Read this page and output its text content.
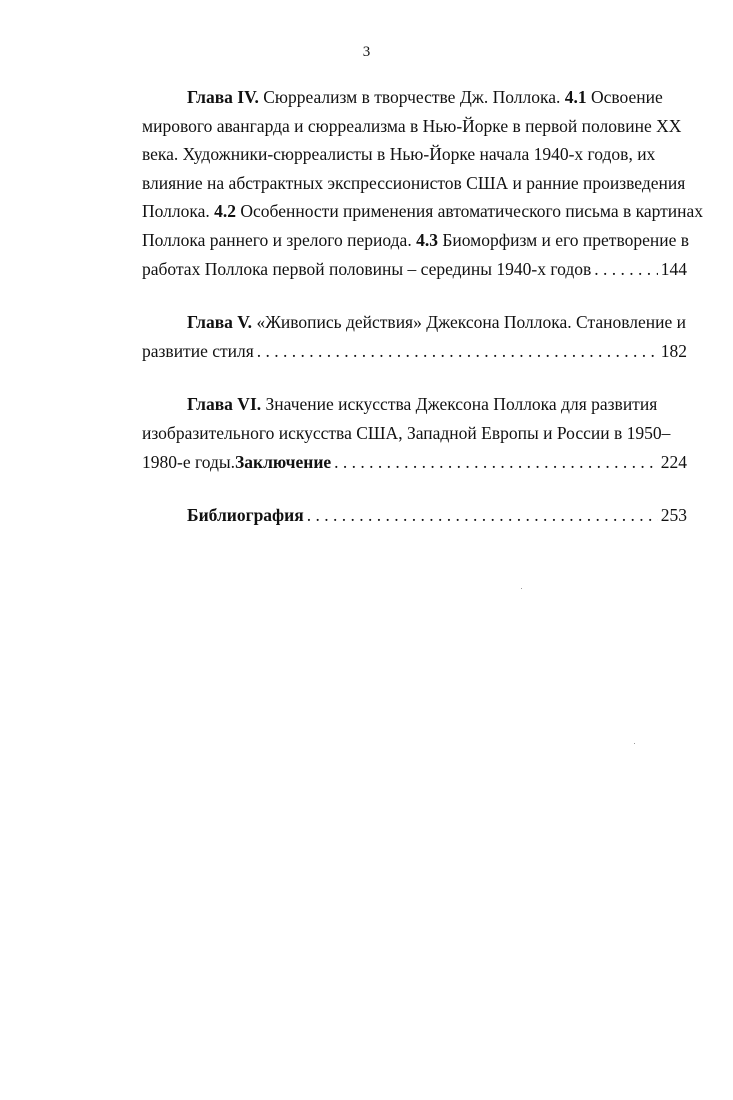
3

Глава IV. Сюрреализм в творчестве Дж. Поллока. 4.1 Освоение
мирового авангарда и сюрреализма в Нью-Йорке в первой половине XX
века. Художники-сюрреалисты в Нью-Йорке начала 1940-х годов, их
влияние на абстрактных экспрессионистов США и ранние произведения
Поллока. 4.2 Особенности применения автоматического письма в картинах
Поллока раннего и зрелого периода. 4.3 Биоморфизм и его претворение в
работах Поллока первой половины – середины 1940-х годов . . .	144

Глава V. «Живопись действия» Джексона Поллока. Становление и
развитие стиля . . .	182

Глава VI. Значение искусства Джексона Поллока для развития
изобразительного искусства США, Западной Европы и России в 1950–
1980-е годы. Заключение . . .	224

Библиография . . .	253
